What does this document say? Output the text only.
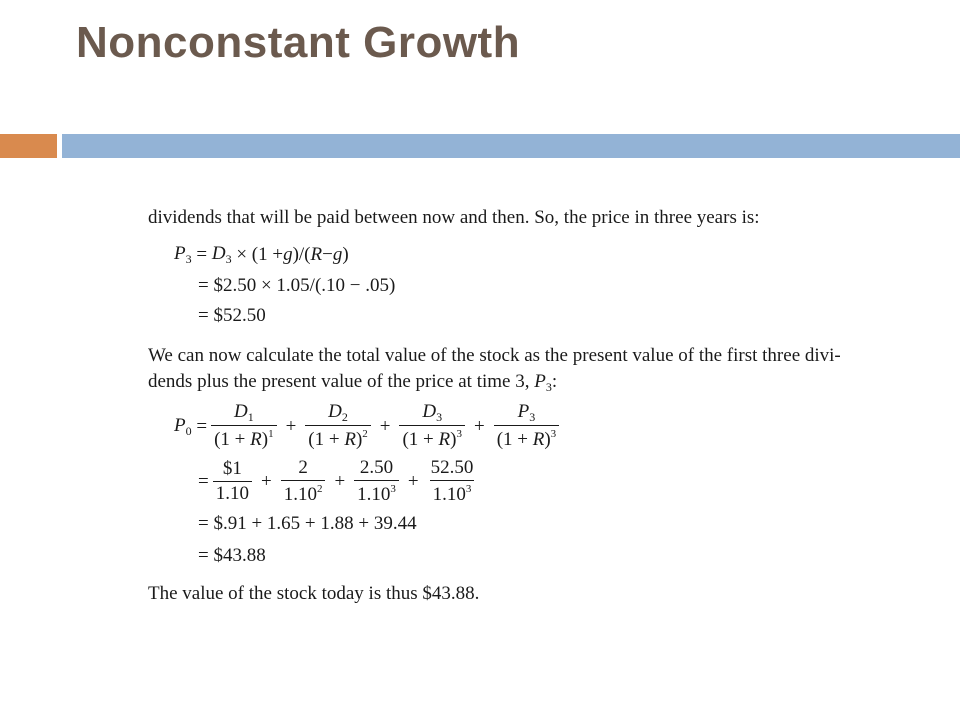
Nonconstant Growth
dividends that will be paid between now and then. So, the price in three years is:
$P_3 = D_3 \times (1 + g$ )/( R − g )
= $2.50 × 1.05/(.10 − .05)
= $52.50
We can now calculate the total value of the stock as the present value of the first three divi-
dends plus the present value of the price at time 3, $P_3$:
$P_0 = \frac{D_1}{(1 + R)^1} + \frac{D_2}{(1 + R)^2} + \frac{D_3}{(1 + R)^3} + \frac{P_3}{(1 + R)^3}$
= $\frac{\$1}{1.10} + \frac{2}{1.10^2} + \frac{2.50}{1.10^3} + \frac{52.50}{1.10^3}$
= $.91 + 1.65 + 1.88 + 39.44
= $43.88
The value of the stock today is thus $43.88.
